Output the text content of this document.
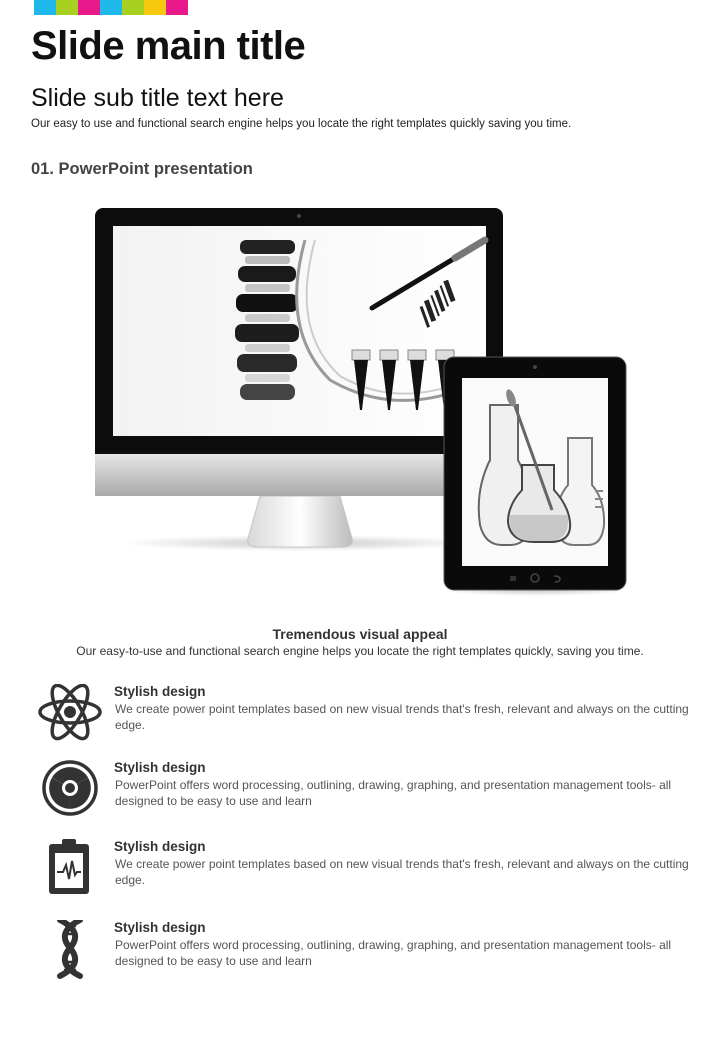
Slide main title
Slide sub title text here
Our easy to use and functional search engine helps you locate the right templates quickly saving you time.
01. PowerPoint presentation
Tremendous visual appeal
Our easy-to-use and functional search engine helps you locate the right templates quickly, saving you time.
Stylish design
We create power point templates based on new visual trends that's fresh, relevant and always on the cutting edge.
Stylish design
PowerPoint offers word processing, outlining, drawing, graphing, and presentation management tools- all designed to be easy to use and learn
Stylish design
We create power point templates based on new visual trends that's fresh, relevant and always on the cutting edge.
Stylish design
PowerPoint offers word processing, outlining, drawing, graphing, and presentation management tools- all designed to be easy to use and learn
